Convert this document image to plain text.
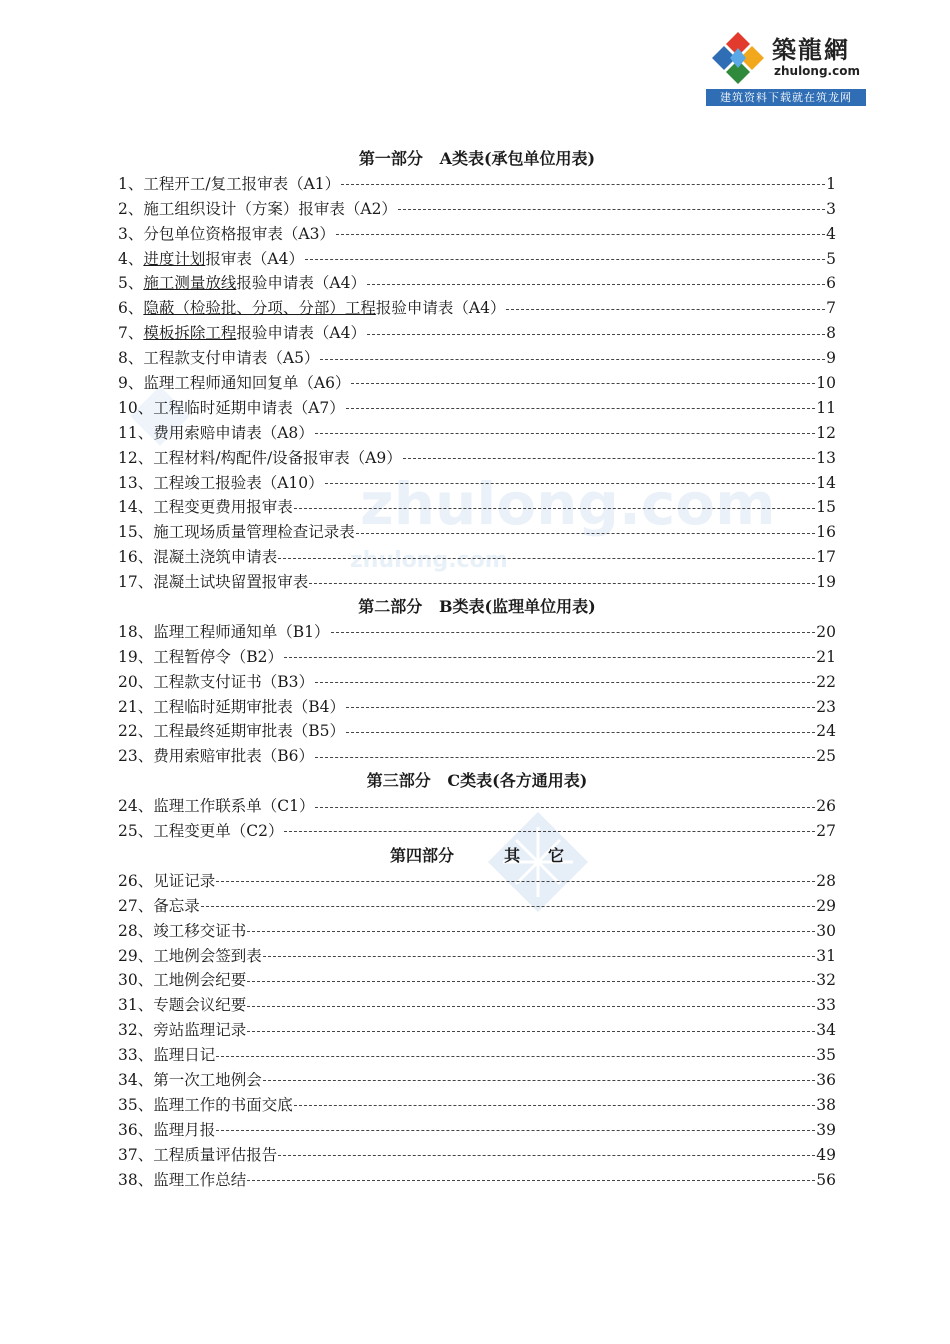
zhulong.com
zhulong.com
築龍網
zhulong.com
建筑资料下载就在筑龙网
第一部分   A类表(承包单位用表)
1、 工程开工/复工报审表（A1）	1
2、 施工组织设计（方案）报审表（A2）	3
3、 分包单位资格报审表（A3）	4
4、 进度计划报审表（A4）	5
5、 施工测量放线报验申请表（A4）	6
6、 隐蔽（检验批、分项、分部）工程报验申请表（A4）	7
7、 模板拆除工程报验申请表（A4）	8
8、 工程款支付申请表（A5）	9
9、 监理工程师通知回复单（A6）	10
10、 工程临时延期申请表（A7）	11
11、 费用索赔申请表（A8）	12
12、 工程材料/构配件/设备报审表（A9）	13
13、 工程竣工报验表（A10）	14
14、 工程变更费用报审表	15
15、 施工现场质量管理检查记录表	16
16、 混凝土浇筑申请表	17
17、 混凝土试块留置报审表	19
第二部分   B类表(监理单位用表)
18、 监理工程师通知单（B1）	20
19、 工程暂停令（B2）	21
20、 工程款支付证书（B3）	22
21、 工程临时延期审批表（B4）	23
22、 工程最终延期审批表（B5）	24
23、 费用索赔审批表（B6）	25
第三部分   C类表(各方通用表)
24、 监理工作联系单（C1）	26
25、 工程变更单（C2）	27
第四部分         其     它
26、 见证记录	28
27、 备忘录	29
28、 竣工移交证书	30
29、 工地例会签到表	31
30、 工地例会纪要	32
31、 专题会议纪要	33
32、 旁站监理记录	34
33、 监理日记	35
34、 第一次工地例会	36
35、 监理工作的书面交底	38
36、 监理月报	39
37、 工程质量评估报告	49
38、 监理工作总结	56
